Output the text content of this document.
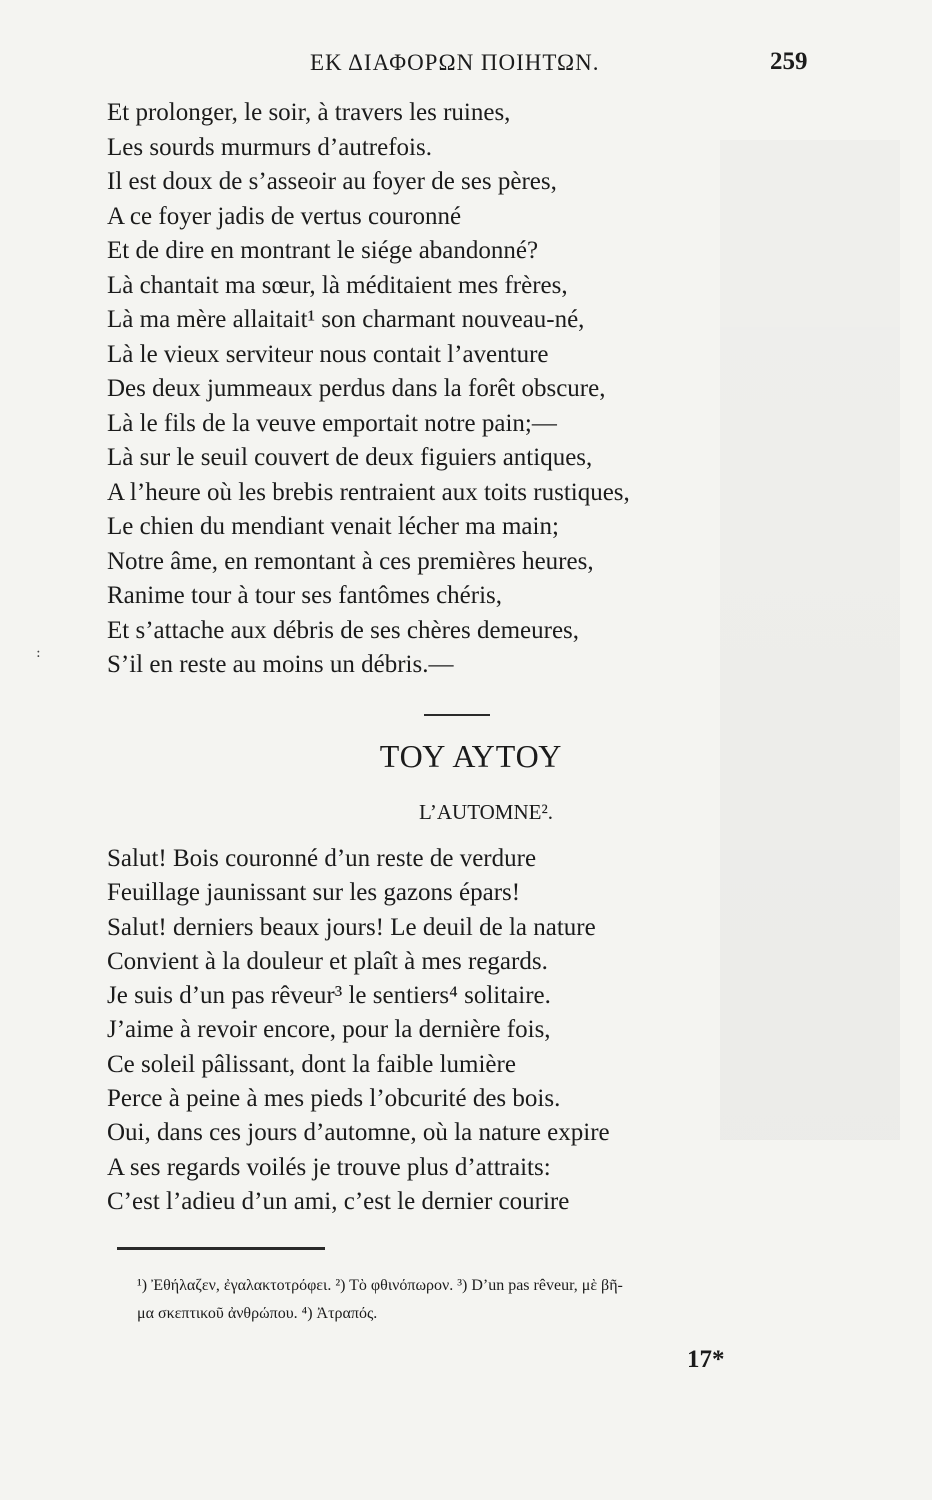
ΕΚ ΔΙΑΦΟΡΩΝ ΠΟΙΗΤΩΝ.	259
:
Et prolonger, le soir, à travers les ruines,
Les sourds murmurs d’autrefois.
Il est doux de s’asseoir au foyer de ses pères,
A ce foyer jadis de vertus couronné
Et de dire en montrant le siége abandonné?
Là chantait ma sœur, là méditaient mes frères,
Là ma mère allaitait¹ son charmant nouveau-né,
Là le vieux serviteur nous contait l’aventure
Des deux jummeaux perdus dans la forêt obscure,
Là le fils de la veuve emportait notre pain;—
Là sur le seuil couvert de deux figuiers antiques,
A l’heure où les brebis rentraient aux toits rustiques,
Le chien du mendiant venait lécher ma main;
Notre âme, en remontant à ces premières heures,
Ranime tour à tour ses fantômes chéris,
Et s’attache aux débris de ses chères demeures,
S’il en reste au moins un débris.—
ΤΟΥ ΑΥΤΟΥ
L’AUTOMNE².
Salut! Bois couronné d’un reste de verdure
Feuillage jaunissant sur les gazons épars!
Salut! derniers beaux jours! Le deuil de la nature
Convient à la douleur et plaît à mes regards.
Je suis d’un pas rêveur³ le sentiers⁴ solitaire.
J’aime à revoir encore, pour la dernière fois,
Ce soleil pâlissant, dont la faible lumière
Perce à peine à mes pieds l’obcurité des bois.
Oui, dans ces jours d’automne, où la nature expire
A ses regards voilés je trouve plus d’attraits:
C’est l’adieu d’un ami, c’est le dernier courire
¹) Ἐθήλαζεν, ἐγαλακτοτρόφει. ²) Τὸ φθινόπωρον. ³) D’un pas rêveur, μὲ βῆ-
μα σκεπτικοῦ ἀνθρώπου. ⁴) Ἀτραπός.
17*
